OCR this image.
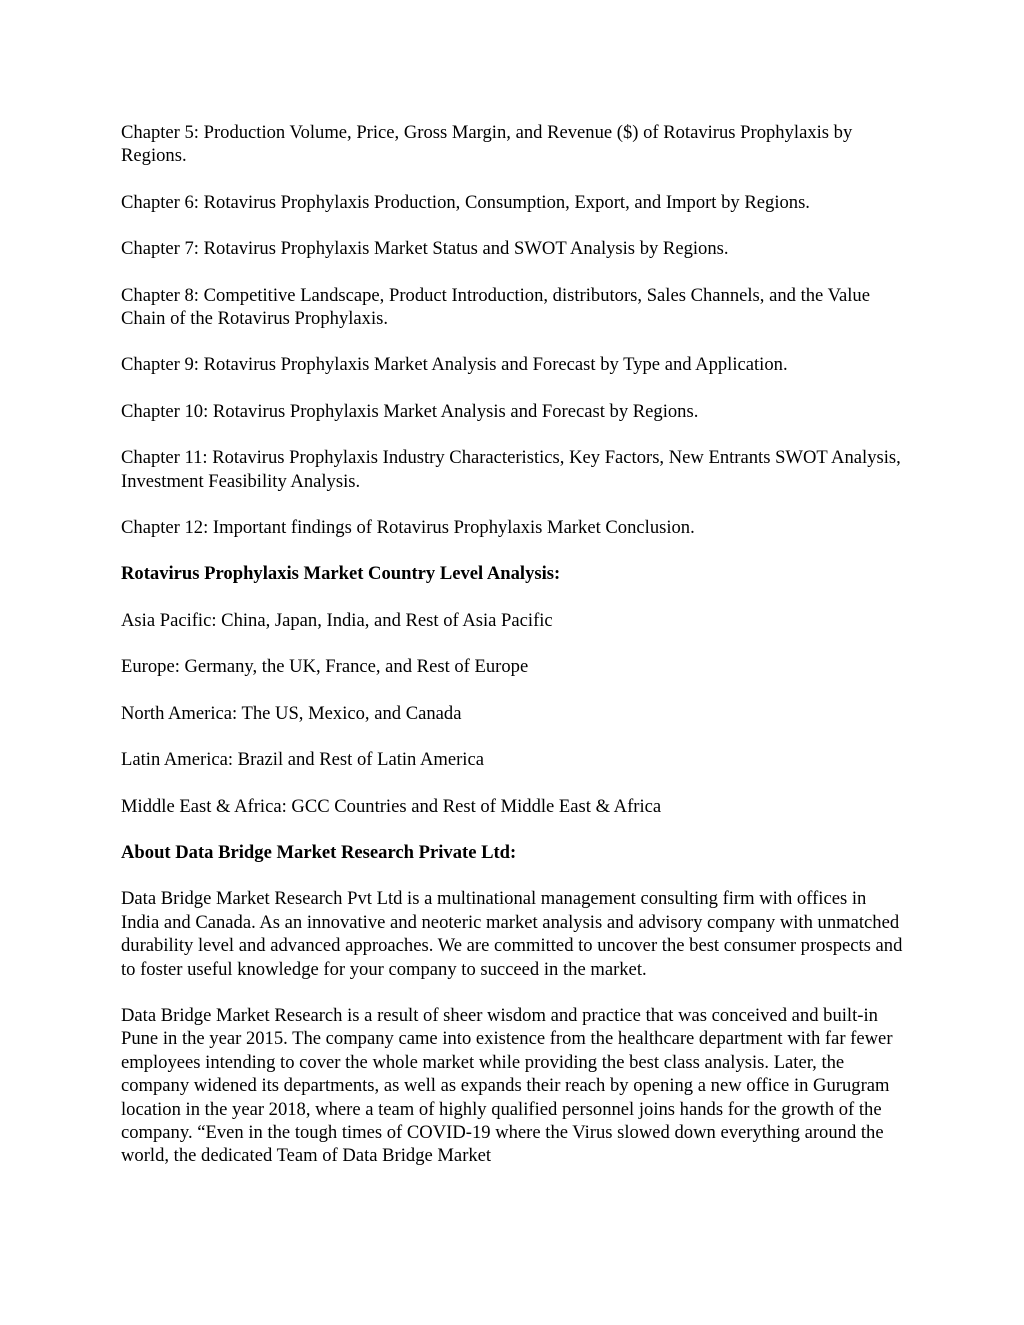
Chapter 5: Production Volume, Price, Gross Margin, and Revenue ($) of Rotavirus Prophylaxis by Regions.

Chapter 6: Rotavirus Prophylaxis Production, Consumption, Export, and Import by Regions.

Chapter 7: Rotavirus Prophylaxis Market Status and SWOT Analysis by Regions.

Chapter 8: Competitive Landscape, Product Introduction, distributors, Sales Channels, and the Value Chain of the Rotavirus Prophylaxis.

Chapter 9: Rotavirus Prophylaxis Market Analysis and Forecast by Type and Application.

Chapter 10: Rotavirus Prophylaxis Market Analysis and Forecast by Regions.

Chapter 11: Rotavirus Prophylaxis Industry Characteristics, Key Factors, New Entrants SWOT Analysis, Investment Feasibility Analysis.

Chapter 12: Important findings of Rotavirus Prophylaxis Market Conclusion.

Rotavirus Prophylaxis Market Country Level Analysis:

Asia Pacific: China, Japan, India, and Rest of Asia Pacific

Europe: Germany, the UK, France, and Rest of Europe

North America: The US, Mexico, and Canada

Latin America: Brazil and Rest of Latin America

Middle East & Africa: GCC Countries and Rest of Middle East & Africa

About Data Bridge Market Research Private Ltd:

Data Bridge Market Research Pvt Ltd is a multinational management consulting firm with offices in India and Canada. As an innovative and neoteric market analysis and advisory company with unmatched durability level and advanced approaches. We are committed to uncover the best consumer prospects and to foster useful knowledge for your company to succeed in the market.

Data Bridge Market Research is a result of sheer wisdom and practice that was conceived and built-in Pune in the year 2015. The company came into existence from the healthcare department with far fewer employees intending to cover the whole market while providing the best class analysis. Later, the company widened its departments, as well as expands their reach by opening a new office in Gurugram location in the year 2018, where a team of highly qualified personnel joins hands for the growth of the company. “Even in the tough times of COVID-19 where the Virus slowed down everything around the world, the dedicated Team of Data Bridge Market
